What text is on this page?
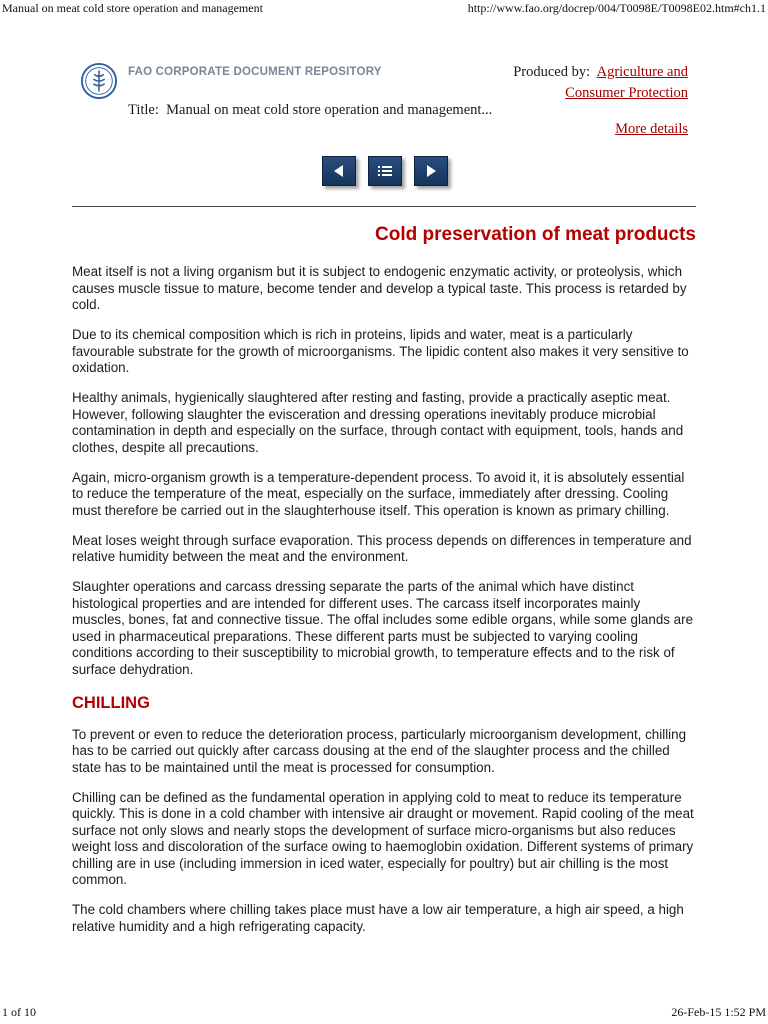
Manual on meat cold store operation and management	http://www.fao.org/docrep/004/T0098E/T0098E02.htm#ch1.1
FAO CORPORATE DOCUMENT REPOSITORY	Produced by: Agriculture and
Consumer Protection
Title: Manual on meat cold store operation and management...
More details
Cold preservation of meat products

Meat itself is not a living organism but it is subject to endogenic enzymatic activity, or proteolysis, which causes muscle tissue to mature, become tender and develop a typical taste. This process is retarded by cold.

Due to its chemical composition which is rich in proteins, lipids and water, meat is a particularly favourable substrate for the growth of microorganisms. The lipidic content also makes it very sensitive to oxidation.

Healthy animals, hygienically slaughtered after resting and fasting, provide a practically aseptic meat. However, following slaughter the evisceration and dressing operations inevitably produce microbial contamination in depth and especially on the surface, through contact with equipment, tools, hands and clothes, despite all precautions.

Again, micro-organism growth is a temperature-dependent process. To avoid it, it is absolutely essential to reduce the temperature of the meat, especially on the surface, immediately after dressing. Cooling must therefore be carried out in the slaughterhouse itself. This operation is known as primary chilling.

Meat loses weight through surface evaporation. This process depends on differences in temperature and relative humidity between the meat and the environment.

Slaughter operations and carcass dressing separate the parts of the animal which have distinct histological properties and are intended for different uses. The carcass itself incorporates mainly muscles, bones, fat and connective tissue. The offal includes some edible organs, while some glands are used in pharmaceutical preparations. These different parts must be subjected to varying cooling conditions according to their susceptibility to microbial growth, to temperature effects and to the risk of surface dehydration.

CHILLING

To prevent or even to reduce the deterioration process, particularly microorganism development, chilling has to be carried out quickly after carcass dousing at the end of the slaughter process and the chilled state has to be maintained until the meat is processed for consumption.

Chilling can be defined as the fundamental operation in applying cold to meat to reduce its temperature quickly. This is done in a cold chamber with intensive air draught or movement. Rapid cooling of the meat surface not only slows and nearly stops the development of surface micro-organisms but also reduces weight loss and discoloration of the surface owing to haemoglobin oxidation. Different systems of primary chilling are in use (including immersion in iced water, especially for poultry) but air chilling is the most common.

The cold chambers where chilling takes place must have a low air temperature, a high air speed, a high relative humidity and a high refrigerating capacity.

1 of 10	26-Feb-15 1:52 PM
